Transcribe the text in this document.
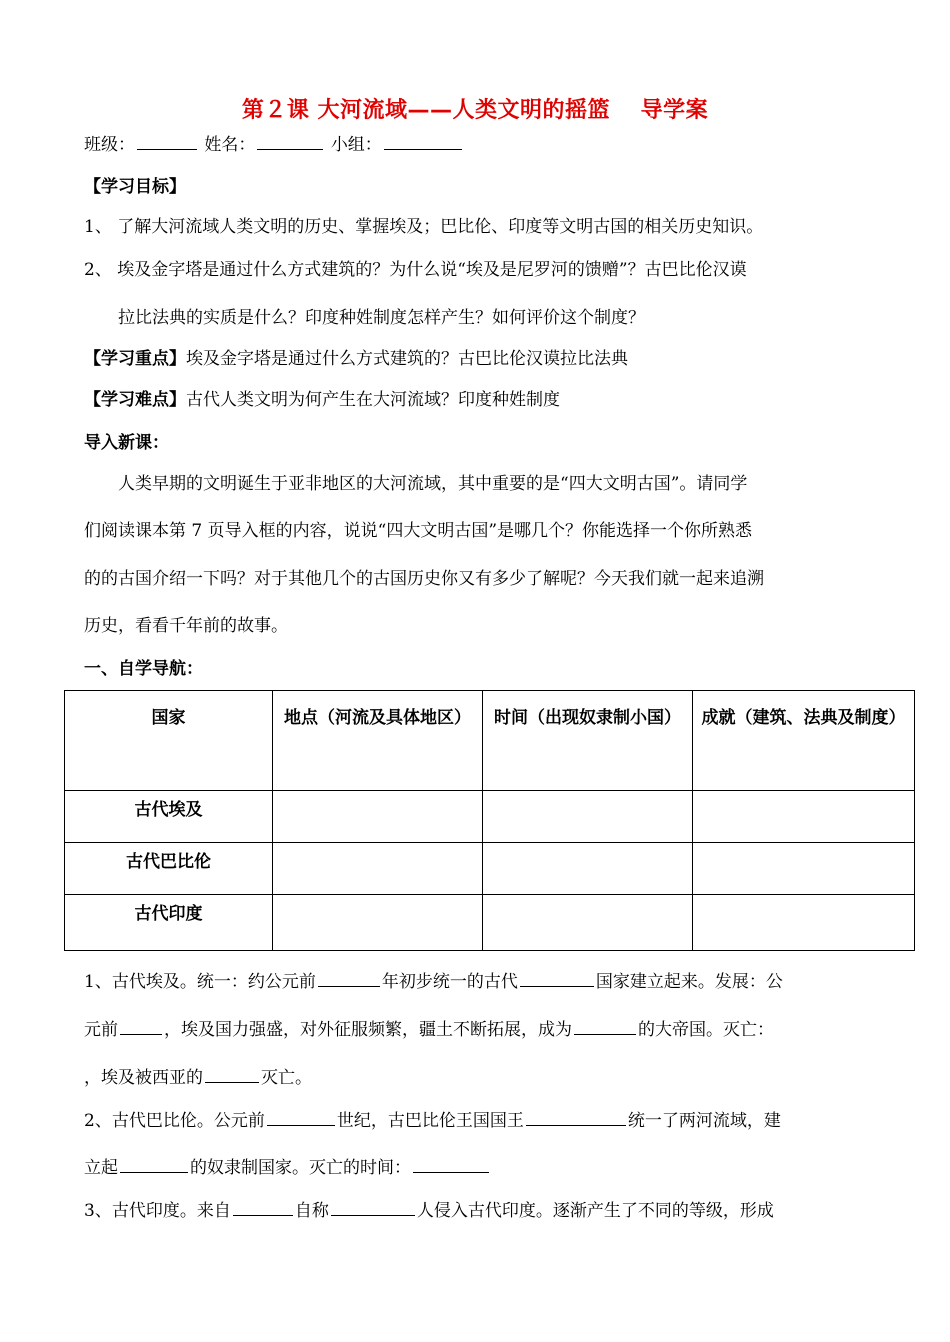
第２课 大河流域——人类文明的摇篮　 导学案
班级：	姓名：	小组：
【学习目标】
1、 了解大河流域人类文明的历史、掌握埃及；巴比伦、印度等文明古国的相关历史知识。
2、 埃及金字塔是通过什么方式建筑的？为什么说“埃及是尼罗河的馈赠”？古巴比伦汉谟
拉比法典的实质是什么？印度种姓制度怎样产生？如何评价这个制度？
【学习重点】埃及金字塔是通过什么方式建筑的？古巴比伦汉谟拉比法典
【学习难点】古代人类文明为何产生在大河流域？印度种姓制度
导入新课：
人类早期的文明诞生于亚非地区的大河流域，其中重要的是“四大文明古国”。请同学
们阅读课本第 7 页导入框的内容，说说“四大文明古国”是哪几个？你能选择一个你所熟悉
的的古国介绍一下吗？对于其他几个的古国历史你又有多少了解呢？今天我们就一起来追溯
历史，看看千年前的故事。
一、自学导航：
国家	地点（河流及具体地区）	时间（出现奴隶制小国）	成就（建筑、法典及制度）
古代埃及			
古代巴比伦			
古代印度			
1、古代埃及。统一：约公元前	年初步统一的古代	国家建立起来。发展：公
元前	，埃及国力强盛，对外征服频繁，疆土不断拓展，成为	的大帝国。灭亡：
，埃及被西亚的	灭亡。
2、古代巴比伦。公元前	世纪，古巴比伦王国国王	统一了两河流域，建
立起	的奴隶制国家。灭亡的时间：
3、古代印度。来自	自称	人侵入古代印度。逐渐产生了不同的等级，形成
